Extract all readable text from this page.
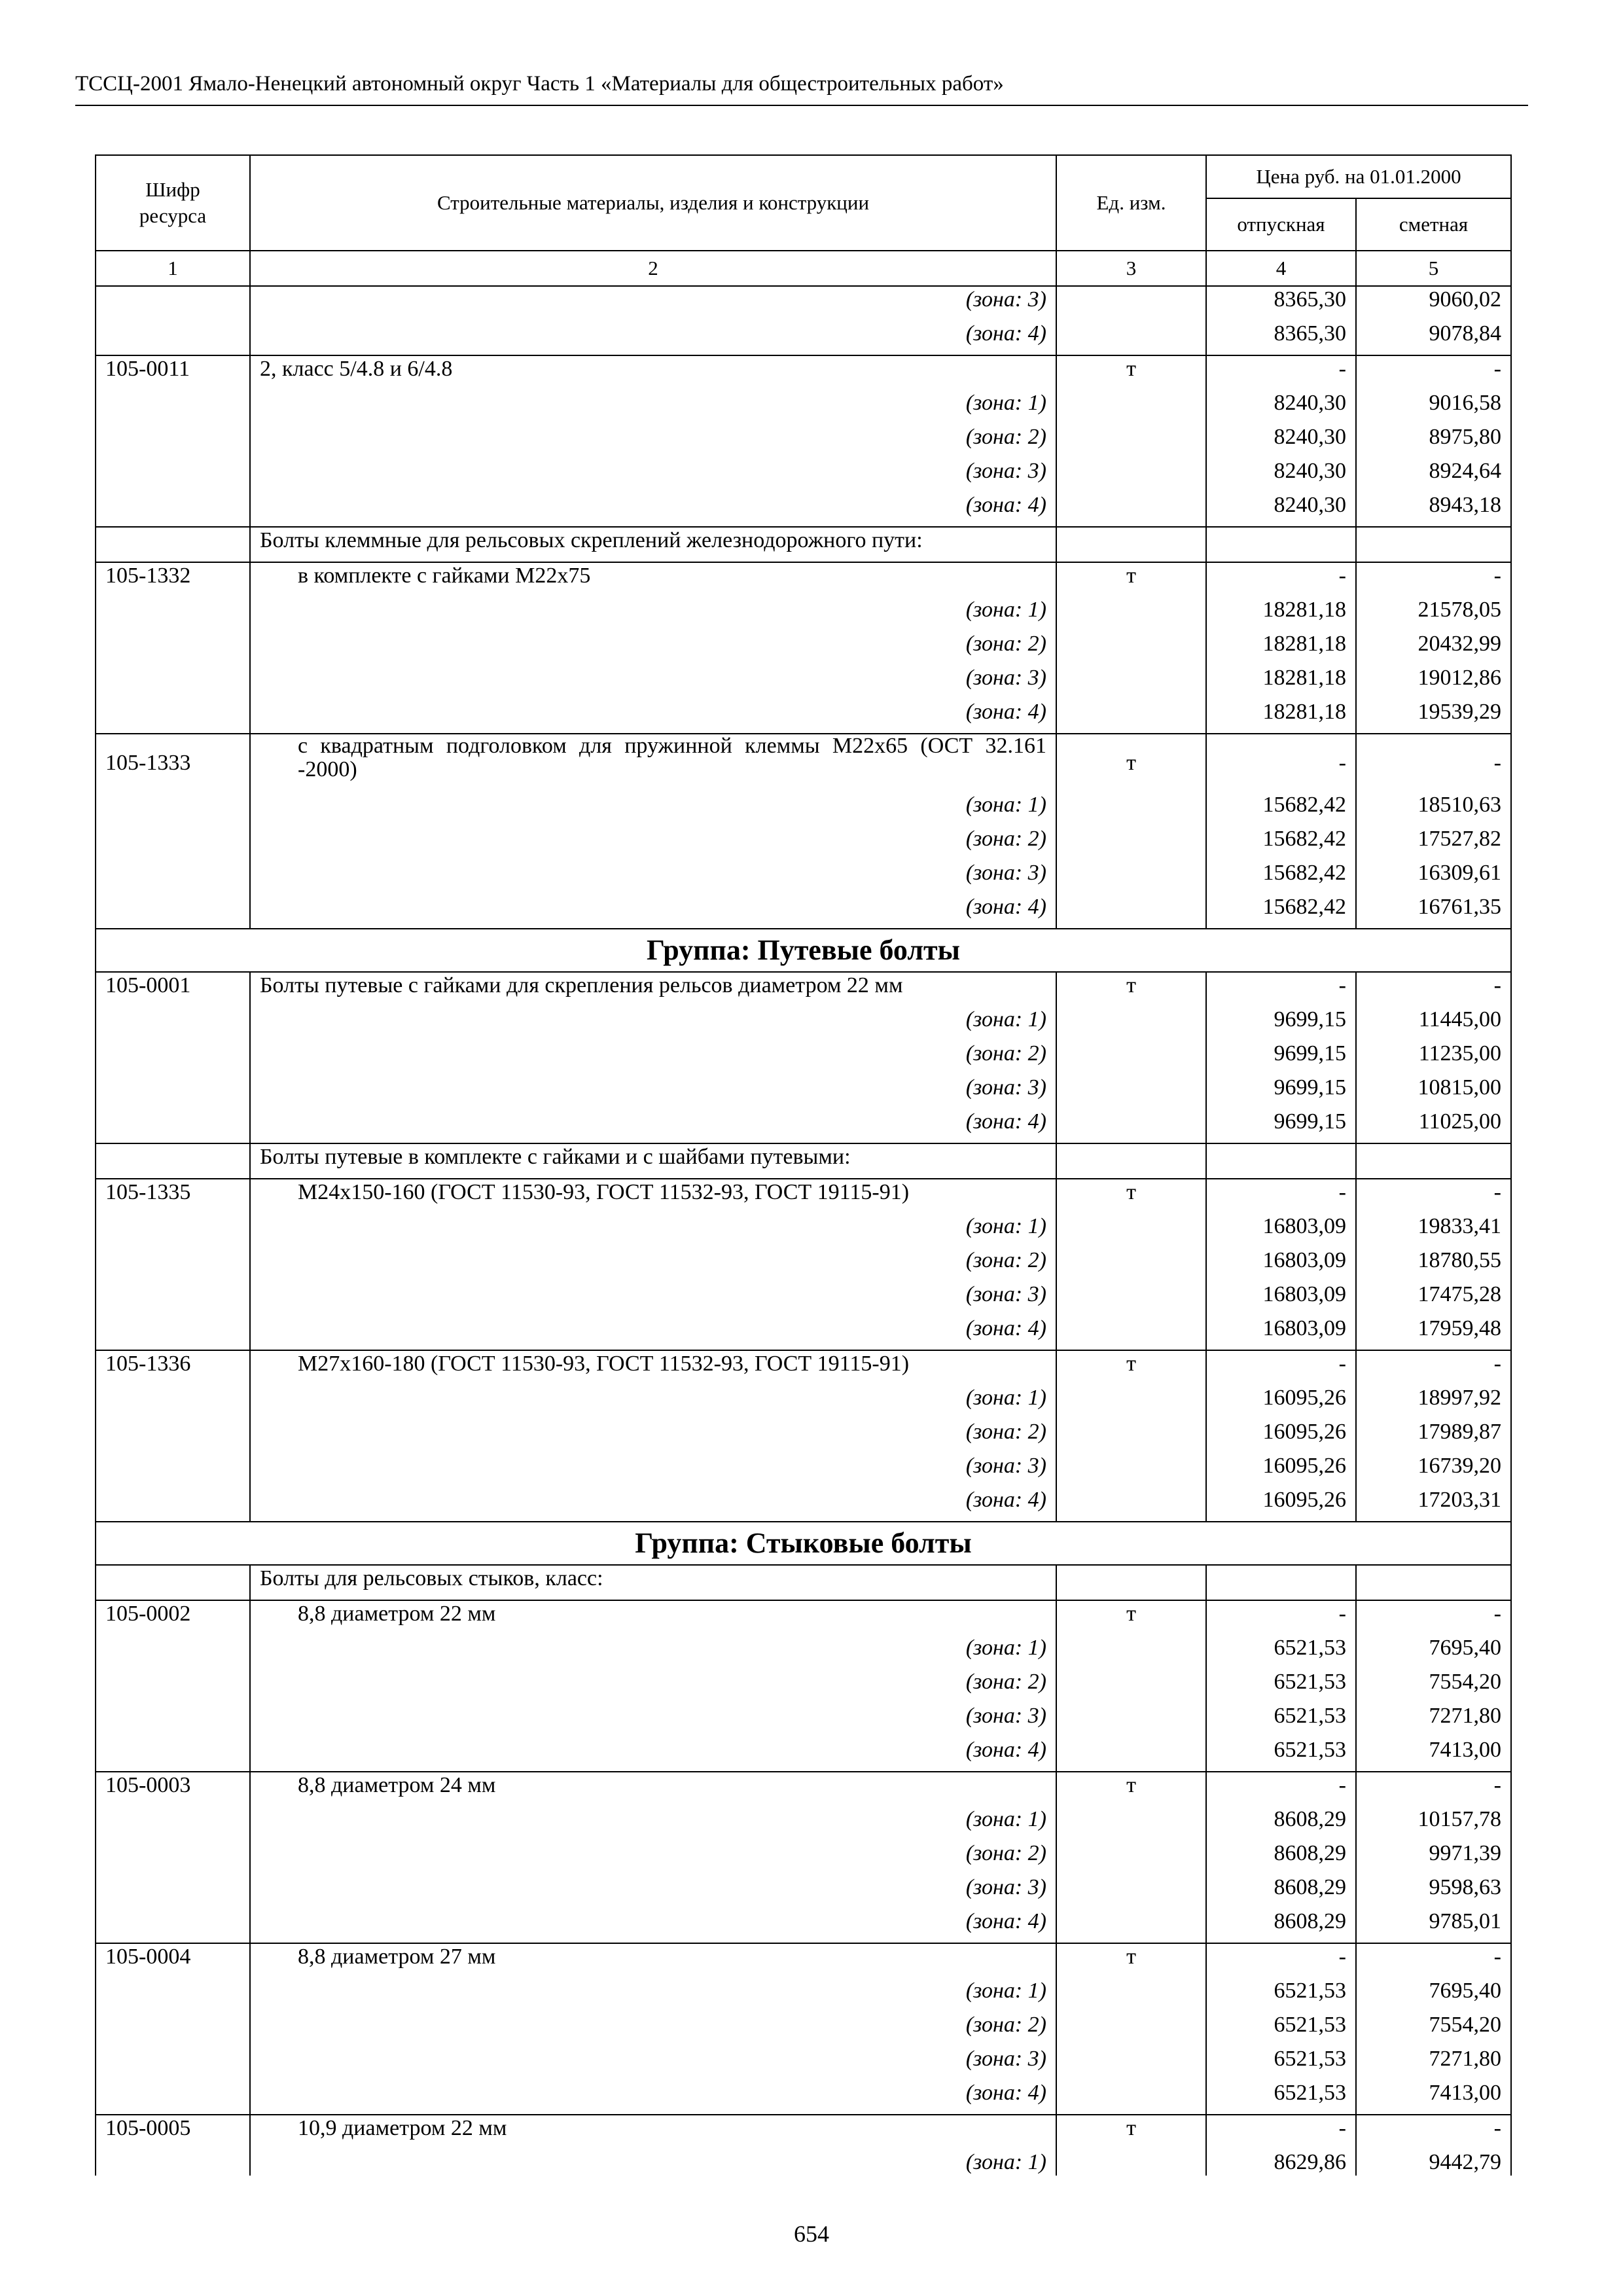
ТССЦ-2001 Ямало-Ненецкий автономный округ Часть 1 «Материалы для общестроительных работ»
Шифр ресурса	Строительные материалы, изделия и конструкции	Ед. изм.	Цена руб. на 01.01.2000	
			отпускная	сметная
1	2	3	4	5
	(зона: 3)		8365,30	9060,02
	(зона: 4)		8365,30	9078,84
105-0011	2, класс 5/4.8 и 6/4.8	т	-	-
	(зона: 1)		8240,30	9016,58
	(зона: 2)		8240,30	8975,80
	(зона: 3)		8240,30	8924,64
	(зона: 4)		8240,30	8943,18
	Болты клеммные для рельсовых скреплений железнодорожного пути:			
105-1332	в комплекте с гайками М22х75	т	-	-
	(зона: 1)		18281,18	21578,05
	(зона: 2)		18281,18	20432,99
	(зона: 3)		18281,18	19012,86
	(зона: 4)		18281,18	19539,29
105-1333	с квадратным подголовком для пружинной клеммы М22х65 (ОСТ 32.161 -2000)	т	-	-
	(зона: 1)		15682,42	18510,63
	(зона: 2)		15682,42	17527,82
	(зона: 3)		15682,42	16309,61
	(зона: 4)		15682,42	16761,35
Группа: Путевые болты				
105-0001	Болты путевые с гайками для скрепления рельсов диаметром 22 мм	т	-	-
	(зона: 1)		9699,15	11445,00
	(зона: 2)		9699,15	11235,00
	(зона: 3)		9699,15	10815,00
	(зона: 4)		9699,15	11025,00
	Болты путевые в комплекте с гайками и с шайбами путевыми:			
105-1335	М24х150-160 (ГОСТ 11530-93, ГОСТ 11532-93, ГОСТ 19115-91)	т	-	-
	(зона: 1)		16803,09	19833,41
	(зона: 2)		16803,09	18780,55
	(зона: 3)		16803,09	17475,28
	(зона: 4)		16803,09	17959,48
105-1336	М27х160-180 (ГОСТ 11530-93, ГОСТ 11532-93, ГОСТ 19115-91)	т	-	-
	(зона: 1)		16095,26	18997,92
	(зона: 2)		16095,26	17989,87
	(зона: 3)		16095,26	16739,20
	(зона: 4)		16095,26	17203,31
Группа: Стыковые болты				
	Болты для рельсовых стыков, класс:			
105-0002	8,8 диаметром 22 мм	т	-	-
	(зона: 1)		6521,53	7695,40
	(зона: 2)		6521,53	7554,20
	(зона: 3)		6521,53	7271,80
	(зона: 4)		6521,53	7413,00
105-0003	8,8 диаметром 24 мм	т	-	-
	(зона: 1)		8608,29	10157,78
	(зона: 2)		8608,29	9971,39
	(зона: 3)		8608,29	9598,63
	(зона: 4)		8608,29	9785,01
105-0004	8,8 диаметром 27 мм	т	-	-
	(зона: 1)		6521,53	7695,40
	(зона: 2)		6521,53	7554,20
	(зона: 3)		6521,53	7271,80
	(зона: 4)		6521,53	7413,00
105-0005	10,9 диаметром 22 мм	т	-	-
	(зона: 1)		8629,86	9442,79
654
